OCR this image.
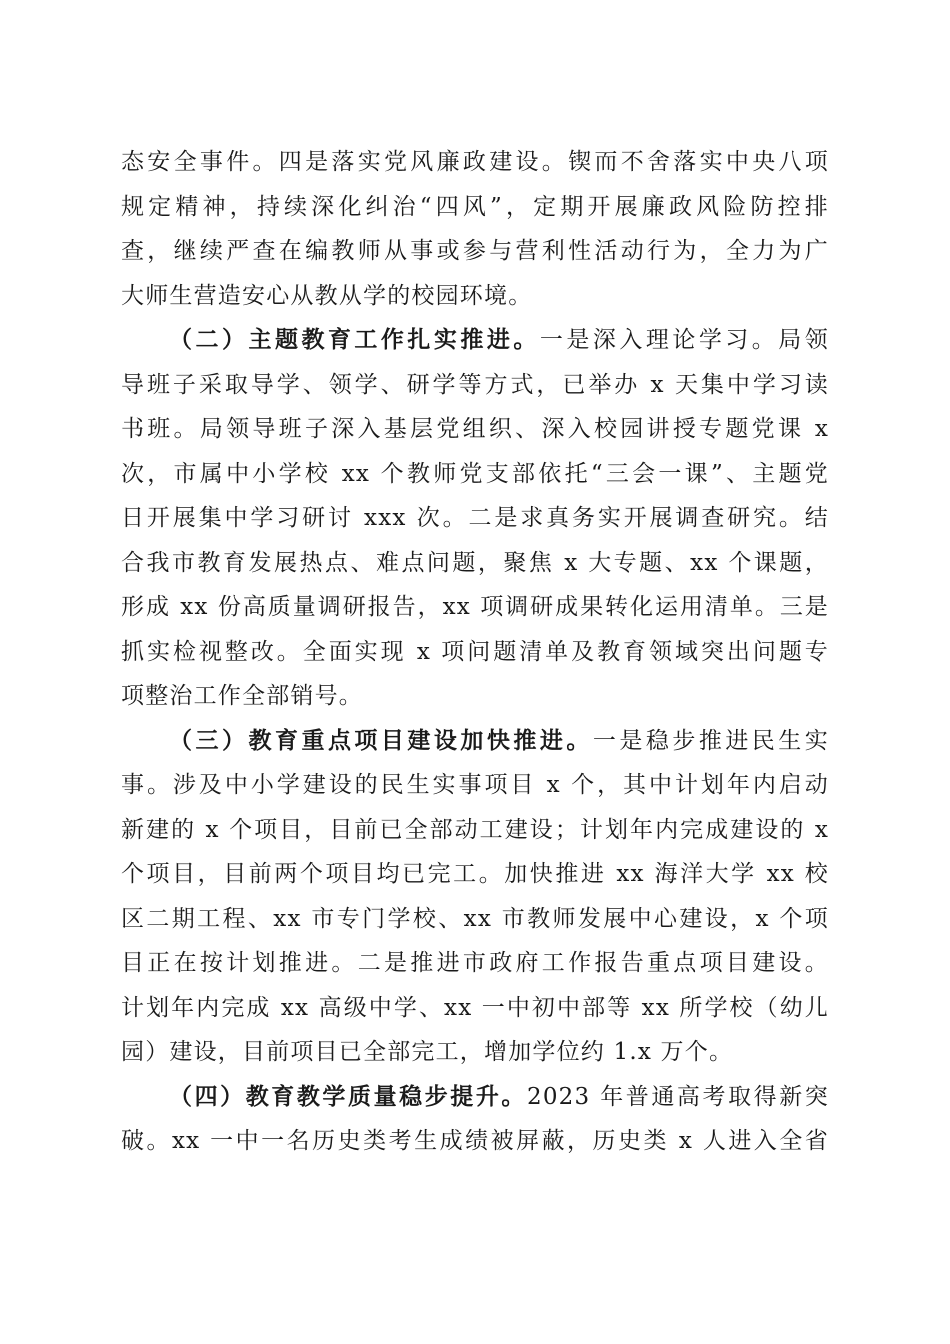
态安全事件。四是落实党风廉政建设。锲而不舍落实中央八项
规定精神，持续深化纠治“四风”，定期开展廉政风险防控排
查，继续严查在编教师从事或参与营利性活动行为，全力为广
大师生营造安心从教从学的校园环境。
（二）主题教育工作扎实推进。一是深入理论学习。局领
导班子采取导学、领学、研学等方式，已举办 x 天集中学习读
书班。局领导班子深入基层党组织、深入校园讲授专题党课 x
次，市属中小学校 xx 个教师党支部依托“三会一课”、主题党
日开展集中学习研讨 xxx 次。二是求真务实开展调查研究。结
合我市教育发展热点、难点问题，聚焦 x 大专题、xx 个课题，
形成 xx 份高质量调研报告，xx 项调研成果转化运用清单。三是
抓实检视整改。全面实现 x 项问题清单及教育领域突出问题专
项整治工作全部销号。
（三）教育重点项目建设加快推进。一是稳步推进民生实
事。涉及中小学建设的民生实事项目 x 个，其中计划年内启动
新建的 x 个项目，目前已全部动工建设；计划年内完成建设的 x
个项目，目前两个项目均已完工。加快推进 xx 海洋大学 xx 校
区二期工程、xx 市专门学校、xx 市教师发展中心建设，x 个项
目正在按计划推进。二是推进市政府工作报告重点项目建设。
计划年内完成 xx 高级中学、xx 一中初中部等 xx 所学校（幼儿
园）建设，目前项目已全部完工，增加学位约 1.x 万个。
（四）教育教学质量稳步提升。2023 年普通高考取得新突
破。xx 一中一名历史类考生成绩被屏蔽，历史类 x 人进入全省
